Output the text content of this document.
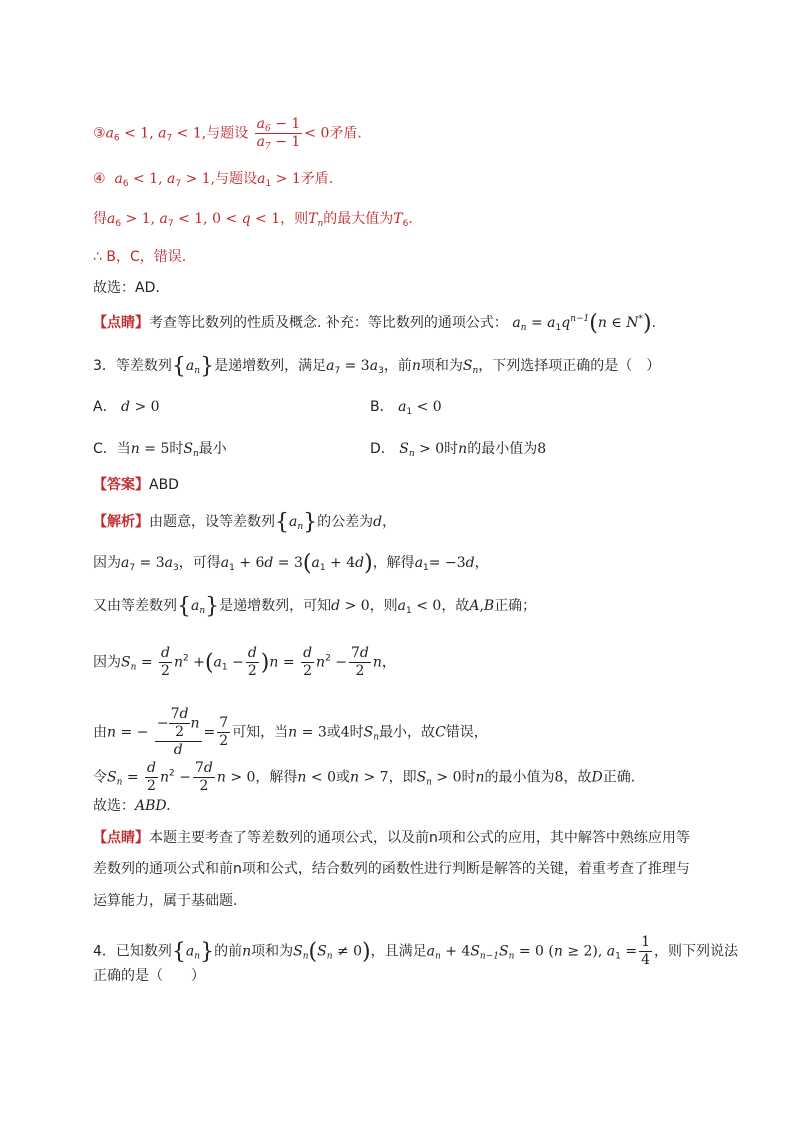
$③a_6 < 1$, $a_7 < 1$,与题设 $\frac{a_6 - 1}{a_7 - 1} < 0$矛盾.
④ $a_6 < 1$, $a_7 > 1$,与题设$a_1 > 1$矛盾.
得$a_6 > 1$, $a_7 < 1$, 0 < q < 1，则$T_n$的最大值为$T_6$.
∴ B，C，错误.
故选：AD.
【点睛】考查等比数列的性质及概念. 补充：等比数列的通项公式： $a_n = a_1q^{n-1}(n$ ∈ N*).
3．等差数列$\{a_n\}$是递增数列，满足$a_7 = 3a_3$，前n项和为$S_n$，下列选择项正确的是（　）
A． d > 0	B． $a_1 < 0$
C．当n = 5时$S_n$最小	D． $S_n > 0$时n的最小值为8
【答案】ABD
【解析】由题意，设等差数列$\{a_n\}$的公差为d，
因为$a_7 = 3a_3$，可得$a_1 + 6d = 3(a_1 + 4d)$，解得$a_1= -3d$，
又由等差数列$\{a_n\}$是递增数列，可知d > 0，则$a_1 < 0$，故A,B正确；
因为$S_n = \frac{d}{2} n^2 +(a_1 - \frac{d}{2} )n = \frac{d}{2} n^2 - \frac{7d}{2}$ n，
由n = − $\frac{- \frac{7d}{2} n}{d} = \frac{7}{2}$ 可知，当n = 3或4时$S_n$最小，故C错误，
令$S_n = \frac{d}{2} n^2 - \frac{7d}{2}$ n > 0，解得n < 0或n > 7，即$S_n > 0$时n的最小值为8，故D正确.
故选：ABD.
【点睛】本题主要考查了等差数列的通项公式，以及前n项和公式的应用，其中解答中熟练应用等
差数列的通项公式和前n项和公式，结合数列的函数性进行判断是解答的关键，着重考查了推理与
运算能力，属于基础题.
4．已知数列$\{a_n\}$的前n项和为$S_n(S_n \ne 0)$，且满足$a_n + 4S_{n-1}S_n = 0$ (n ≥ 2), $a_1 = \frac{1}{4}$ ，则下列说法
正确的是（　　）
